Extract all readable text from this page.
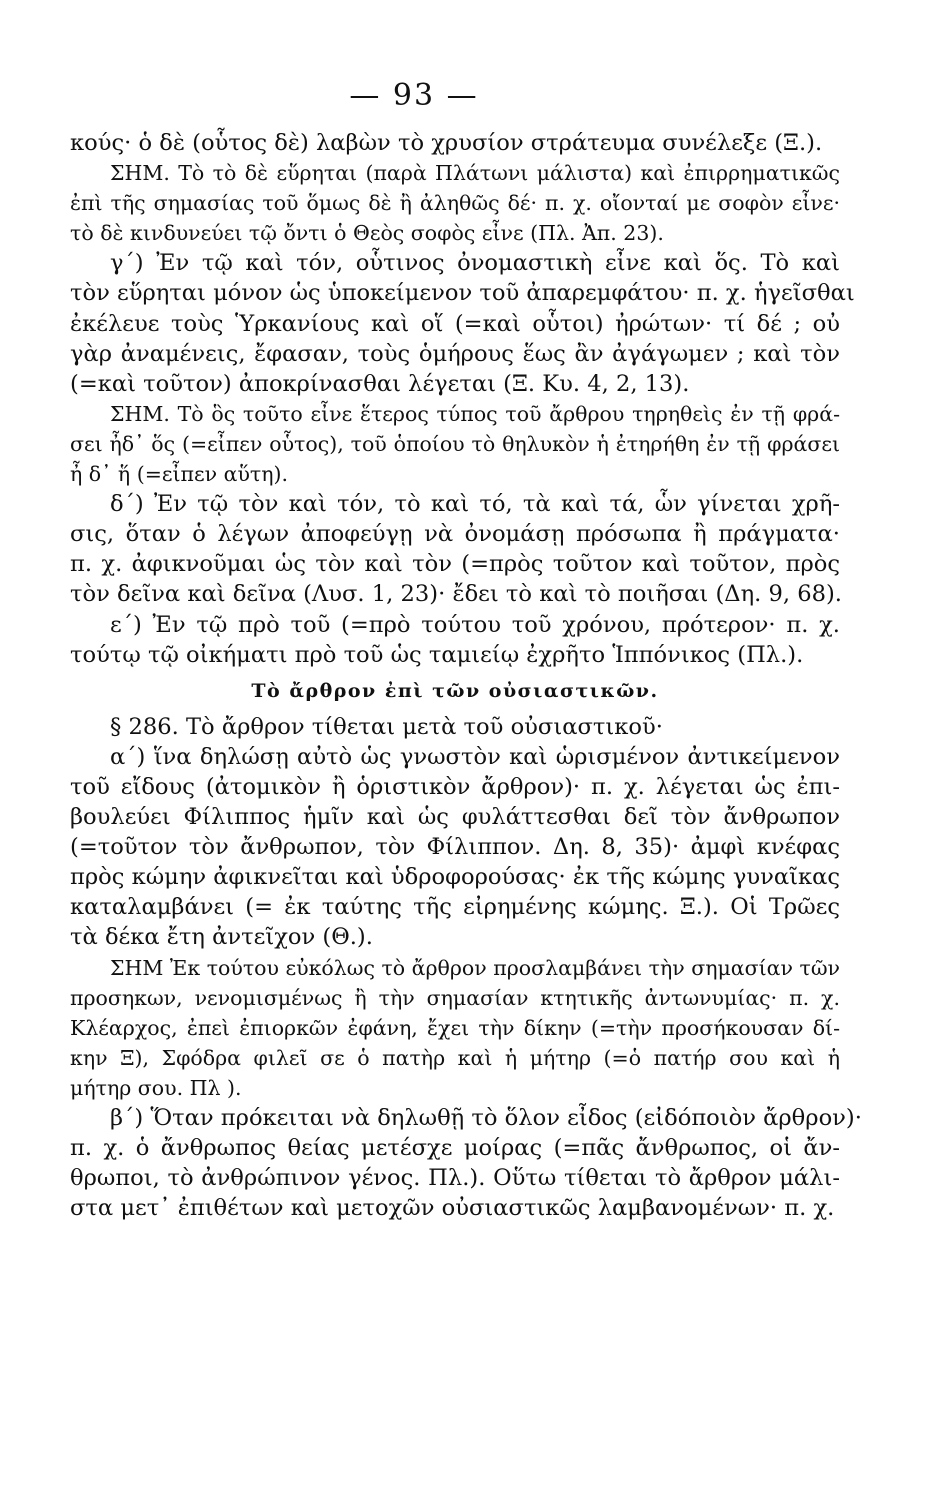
— 93 —
κούς· ὁ δὲ (οὗτος δὲ) λαβὼν τὸ χρυσίον στράτευμα συνέλεξε (Ξ.).
ΣΗΜ. Τὸ τὸ δὲ εὕρηται (παρὰ Πλάτωνι μάλιστα) καὶ ἐπιρρηματικῶς
ἐπὶ τῆς σημασίας τοῦ ὅμως δὲ ἢ ἀληθῶς δέ· π. χ. οἴονταί με σοφὸν εἶνε·
τὸ δὲ κινδυνεύει τῷ ὄντι ὁ Θεὸς σοφὸς εἶνε (Πλ. Ἀπ. 23).
γ´) Ἐν τῷ καὶ τόν, οὗτινος ὀνομαστικὴ εἶνε καὶ ὅς. Τὸ καὶ
τὸν εὕρηται μόνον ὡς ὑποκείμενον τοῦ ἀπαρεμφάτου· π. χ. ἡγεῖσθαι
ἐκέλευε τοὺς Ὑρκανίους καὶ οἵ (=καὶ οὗτοι) ἠρώτων· τί δέ ; οὐ
γὰρ ἀναμένεις, ἔφασαν, τοὺς ὁμήρους ἕως ἂν ἀγάγωμεν ; καὶ τὸν
(=καὶ τοῦτον) ἀποκρίνασθαι λέγεται (Ξ. Κυ. 4, 2, 13).
ΣΗΜ. Τὸ ὃς τοῦτο εἶνε ἕτερος τύπος τοῦ ἄρθρου τηρηθεὶς ἐν τῇ φρά-
σει ἦδ᾽ ὅς (=εἶπεν οὗτος), τοῦ ὁποίου τὸ θηλυκὸν ἡ ἐτηρήθη ἐν τῇ φράσει
ἦ δ᾽ ἥ (=εἶπεν αὕτη).
δ´) Ἐν τῷ τὸν καὶ τόν, τὸ καὶ τό, τὰ καὶ τά, ὧν γίνεται χρῆ-
σις, ὅταν ὁ λέγων ἀποφεύγῃ νὰ ὀνομάσῃ πρόσωπα ἢ πράγματα·
π. χ. ἀφικνοῦμαι ὡς τὸν καὶ τὸν (=πρὸς τοῦτον καὶ τοῦτον, πρὸς
τὸν δεῖνα καὶ δεῖνα (Λυσ. 1, 23)· ἔδει τὸ καὶ τὸ ποιῆσαι (Δη. 9, 68).
ε´) Ἐν τῷ πρὸ τοῦ (=πρὸ τούτου τοῦ χρόνου, πρότερον· π. χ.
τούτῳ τῷ οἰκήματι πρὸ τοῦ ὡς ταμιείῳ ἐχρῆτο Ἱππόνικος (Πλ.).
Τὸ ἄρθρον ἐπὶ τῶν οὐσιαστικῶν.
§ 286. Τὸ ἄρθρον τίθεται μετὰ τοῦ οὐσιαστικοῦ·
α´) ἵνα δηλώσῃ αὐτὸ ὡς γνωστὸν καὶ ὡρισμένον ἀντικείμενον
τοῦ εἴδους (ἀτομικὸν ἢ ὁριστικὸν ἄρθρον)· π. χ. λέγεται ὡς ἐπι-
βουλεύει Φίλιππος ἡμῖν καὶ ὡς φυλάττεσθαι δεῖ τὸν ἄνθρωπον
(=τοῦτον τὸν ἄνθρωπον, τὸν Φίλιππον. Δη. 8, 35)· ἀμφὶ κνέφας
πρὸς κώμην ἀφικνεῖται καὶ ὑδροφορούσας· ἐκ τῆς κώμης γυναῖκας
καταλαμβάνει (= ἐκ ταύτης τῆς εἰρημένης κώμης. Ξ.). Οἱ Τρῶες
τὰ δέκα ἔτη ἀντεῖχον (Θ.).
ΣΗΜ Ἐκ τούτου εὐκόλως τὸ ἄρθρον προσλαμβάνει τὴν σημασίαν τῶν
προσηκων, νενομισμένως ἢ τὴν σημασίαν κτητικῆς ἀντωνυμίας· π. χ.
Κλέαρχος, ἐπεὶ ἐπιορκῶν ἐφάνη, ἔχει τὴν δίκην (=τὴν προσήκουσαν δί-
κην Ξ), Σφόδρα φιλεῖ σε ὁ πατὴρ καὶ ἡ μήτηρ (=ὁ πατήρ σου καὶ ἡ
μήτηρ σου. Πλ ).
β´) Ὅταν πρόκειται νὰ δηλωθῇ τὸ ὅλον εἶδος (εἰδόποιὸν ἄρθρον)·
π. χ. ὁ ἄνθρωπος θείας μετέσχε μοίρας (=πᾶς ἄνθρωπος, οἱ ἄν-
θρωποι, τὸ ἀνθρώπινον γένος. Πλ.). Οὕτω τίθεται τὸ ἄρθρον μάλι-
στα μετ᾽ ἐπιθέτων καὶ μετοχῶν οὐσιαστικῶς λαμβανομένων· π. χ.
